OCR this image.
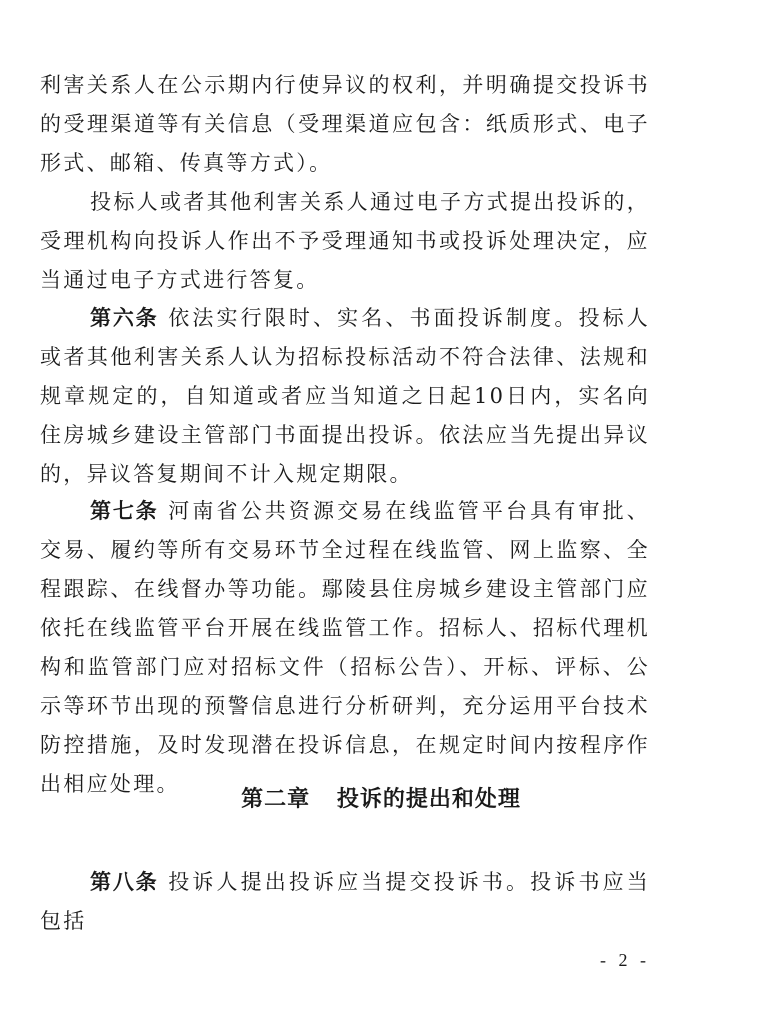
利害关系人在公示期内行使异议的权利，并明确提交投诉书的受理渠道等有关信息（受理渠道应包含：纸质形式、电子形式、邮箱、传真等方式）。

投标人或者其他利害关系人通过电子方式提出投诉的，受理机构向投诉人作出不予受理通知书或投诉处理决定，应当通过电子方式进行答复。

第六条 依法实行限时、实名、书面投诉制度。投标人或者其他利害关系人认为招标投标活动不符合法律、法规和规章规定的，自知道或者应当知道之日起10日内，实名向住房城乡建设主管部门书面提出投诉。依法应当先提出异议的，异议答复期间不计入规定期限。

第七条 河南省公共资源交易在线监管平台具有审批、交易、履约等所有交易环节全过程在线监管、网上监察、全程跟踪、在线督办等功能。鄢陵县住房城乡建设主管部门应依托在线监管平台开展在线监管工作。招标人、招标代理机构和监管部门应对招标文件（招标公告）、开标、评标、公示等环节出现的预警信息进行分析研判，充分运用平台技术防控措施，及时发现潜在投诉信息，在规定时间内按程序作出相应处理。

第二章 投诉的提出和处理

第八条 投诉人提出投诉应当提交投诉书。投诉书应当包括

- 2 -
